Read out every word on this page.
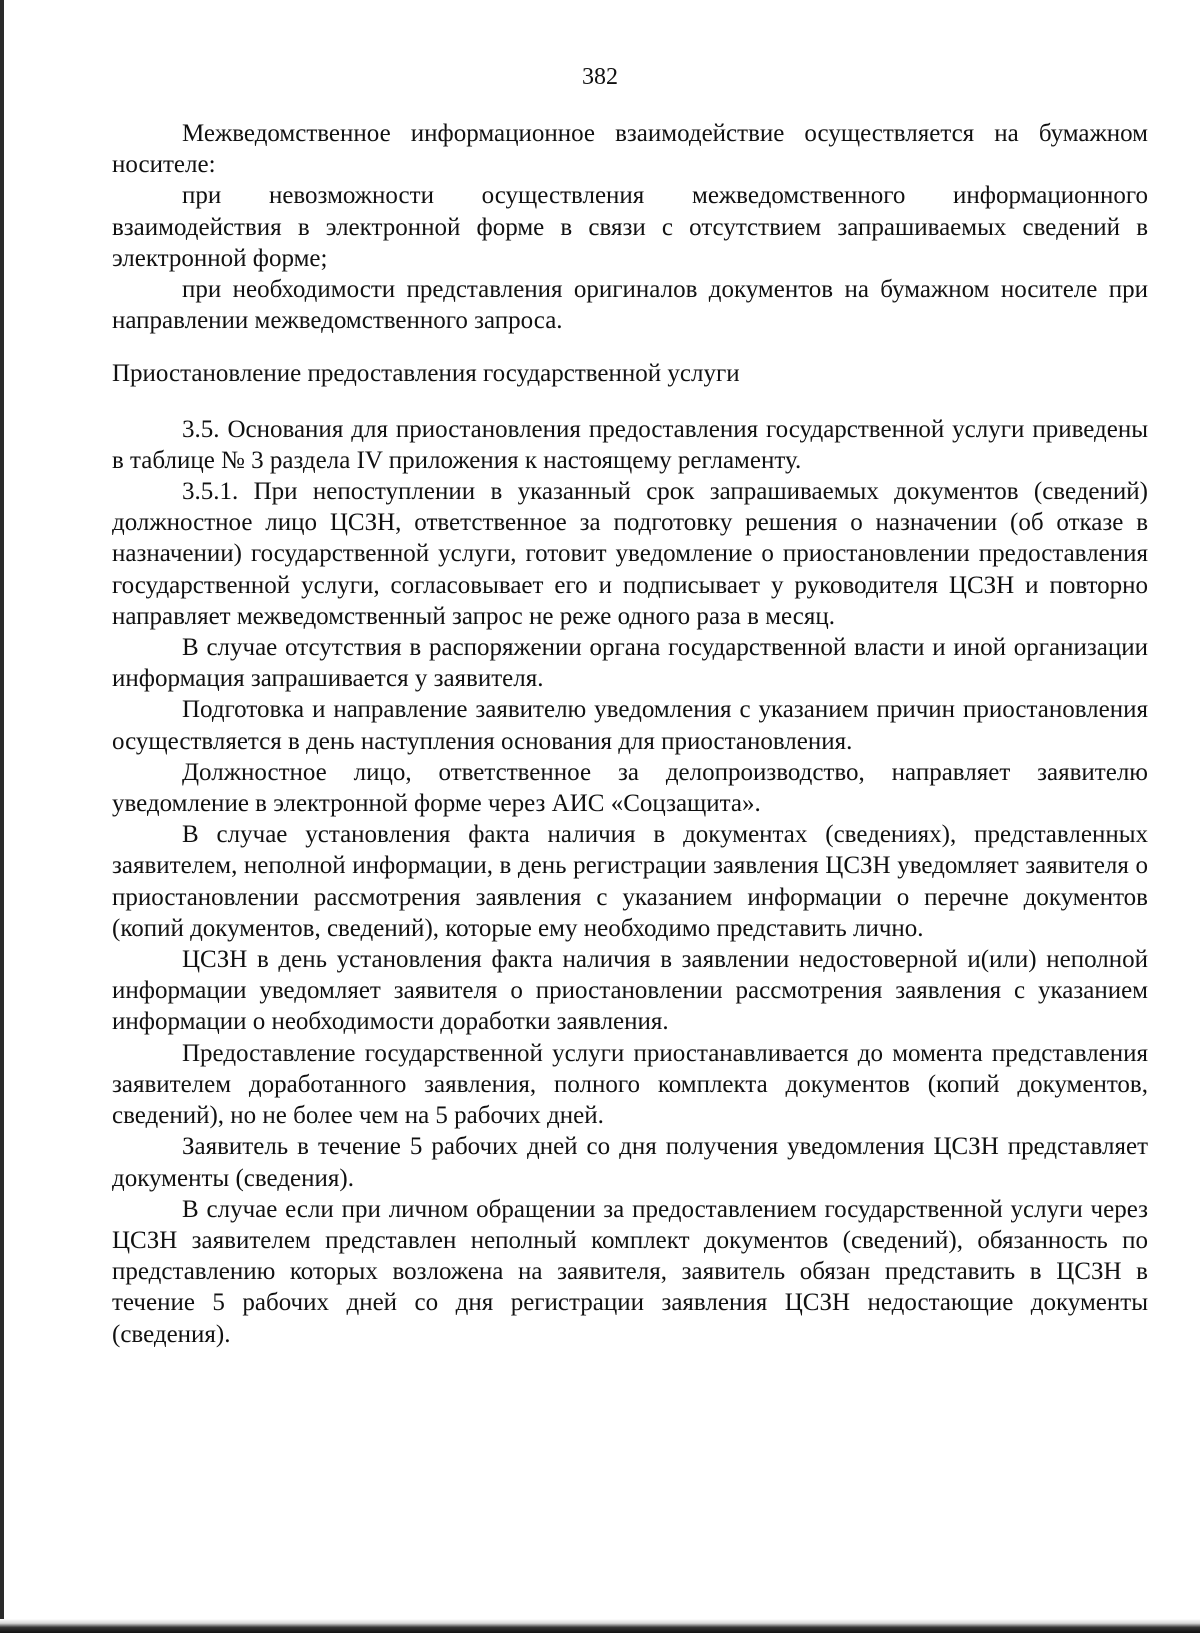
382

Межведомственное информационное взаимодействие осуществляется на бумажном носителе:

при невозможности осуществления межведомственного информационного взаимодействия в электронной форме в связи с отсутствием запрашиваемых сведений в электронной форме;

при необходимости представления оригиналов документов на бумажном носителе при направлении межведомственного запроса.

Приостановление предоставления государственной услуги

3.5. Основания для приостановления предоставления государственной услуги приведены в таблице № 3 раздела IV приложения к настоящему регламенту.

3.5.1. При непоступлении в указанный срок запрашиваемых документов (сведений) должностное лицо ЦСЗН, ответственное за подготовку решения о назначении (об отказе в назначении) государственной услуги, готовит уведомление о приостановлении предоставления государственной услуги, согласовывает его и подписывает у руководителя ЦСЗН и повторно направляет межведомственный запрос не реже одного раза в месяц.

В случае отсутствия в распоряжении органа государственной власти и иной организации информация запрашивается у заявителя.

Подготовка и направление заявителю уведомления с указанием причин приостановления осуществляется в день наступления основания для приостановления.

Должностное лицо, ответственное за делопроизводство, направляет заявителю уведомление в электронной форме через АИС «Соцзащита».

В случае установления факта наличия в документах (сведениях), представленных заявителем, неполной информации, в день регистрации заявления ЦСЗН уведомляет заявителя о приостановлении рассмотрения заявления с указанием информации о перечне документов (копий документов, сведений), которые ему необходимо представить лично.

ЦСЗН в день установления факта наличия в заявлении недостоверной и(или) неполной информации уведомляет заявителя о приостановлении рассмотрения заявления с указанием информации о необходимости доработки заявления.

Предоставление государственной услуги приостанавливается до момента представления заявителем доработанного заявления, полного комплекта документов (копий документов, сведений), но не более чем на 5 рабочих дней.

Заявитель в течение 5 рабочих дней со дня получения уведомления ЦСЗН представляет документы (сведения).

В случае если при личном обращении за предоставлением государственной услуги через ЦСЗН заявителем представлен неполный комплект документов (сведений), обязанность по представлению которых возложена на заявителя, заявитель обязан представить в ЦСЗН в течение 5 рабочих дней со дня регистрации заявления ЦСЗН недостающие документы (сведения).
